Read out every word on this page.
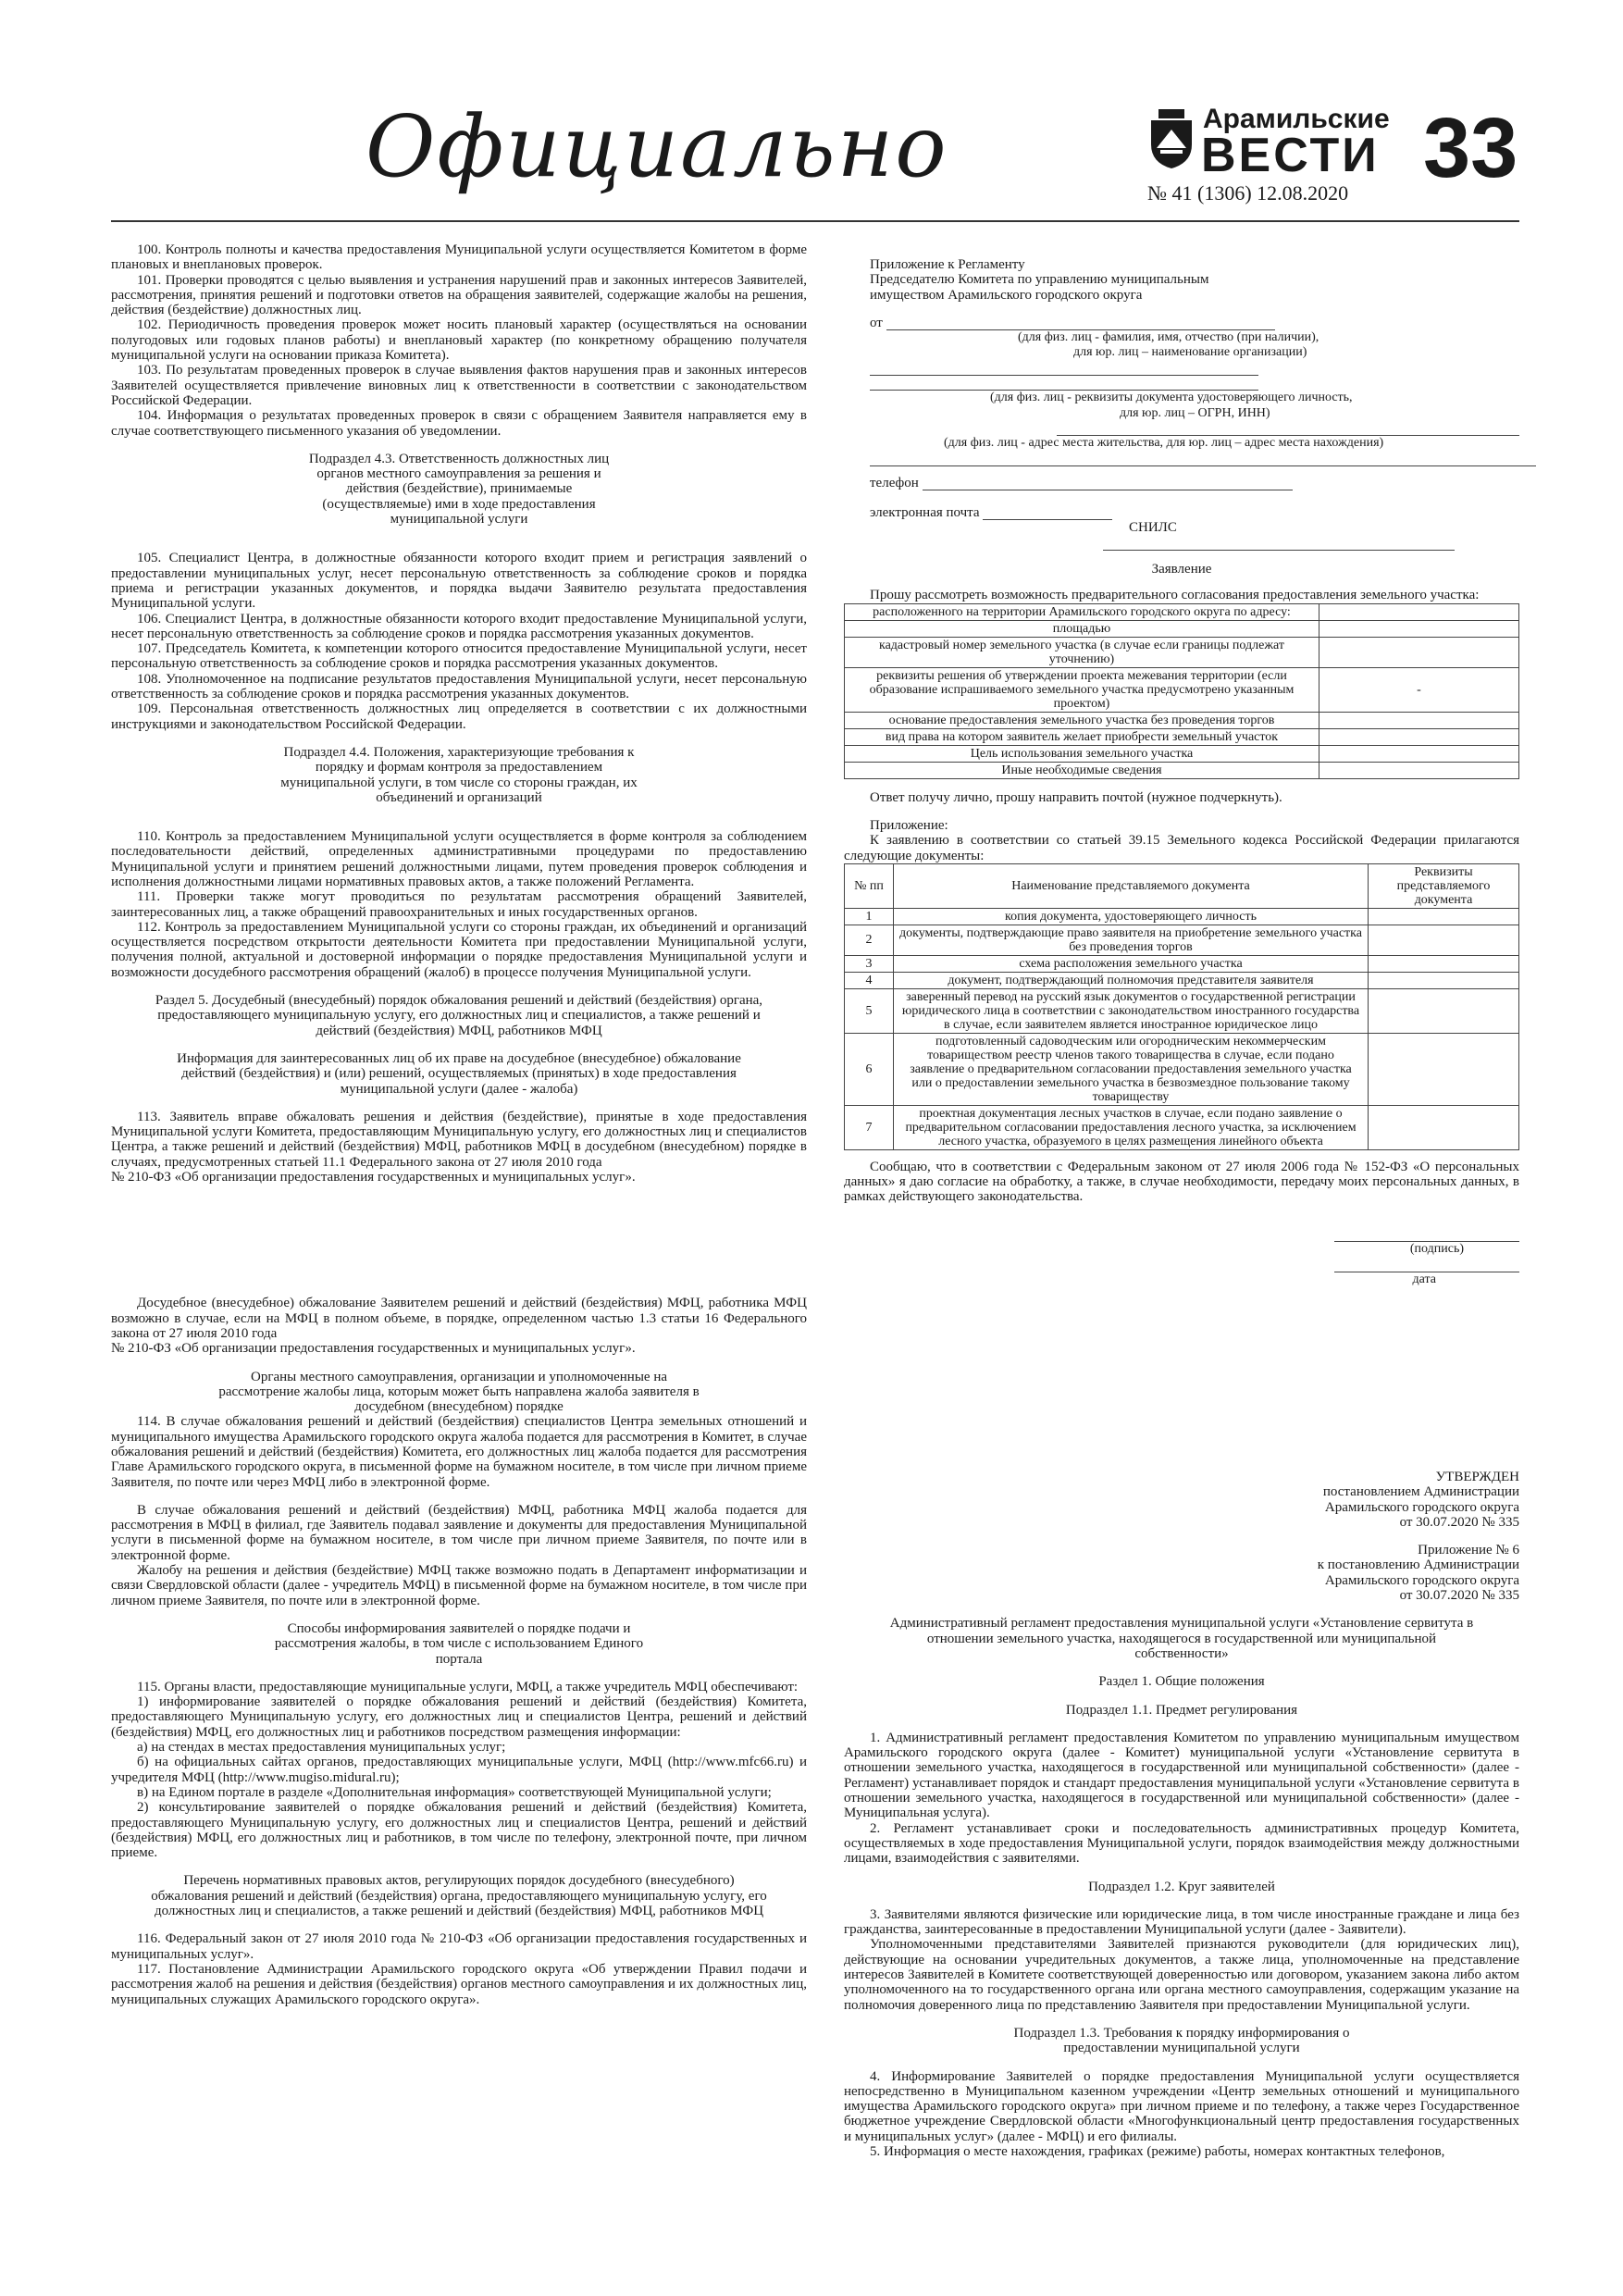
Официально	Арамильские
ВЕСТИ
№ 41 (1306) 12.08.2020 33

100. Контроль полноты и качества предоставления Муниципальной услуги осуществляется Комитетом в форме плановых и внеплановых проверок.

101. Проверки проводятся с целью выявления и устранения нарушений прав и законных интересов Заявителей, рассмотрения, принятия решений и подготовки ответов на обращения заявителей, содержащие жалобы на решения, действия (бездействие) должностных лиц.

102. Периодичность проведения проверок может носить плановый характер (осуществляться на основании полугодовых или годовых планов работы) и внеплановый характер (по конкретному обращению получателя муниципальной услуги на основании приказа Комитета).

103. По результатам проведенных проверок в случае выявления фактов нарушения прав и законных интересов Заявителей осуществляется привлечение виновных лиц к ответственности в соответствии с законодательством Российской Федерации.

104. Информация о результатах проведенных проверок в связи с обращением Заявителя направляется ему в случае соответствующего письменного указания об уведомлении.

Подраздел 4.3. Ответственность должностных лиц органов местного самоуправления за решения и действия (бездействие), принимаемые (осуществляемые) ими в ходе предоставления муниципальной услуги

105. Специалист Центра, в должностные обязанности которого входит прием и регистрация заявлений о предоставлении муниципальных услуг, несет персональную ответственность за соблюдение сроков и порядка приема и регистрации указанных документов, и порядка выдачи Заявителю результата предоставления Муниципальной услуги.

106. Специалист Центра, в должностные обязанности которого входит предоставление Муниципальной услуги, несет персональную ответственность за соблюдение сроков и порядка рассмотрения указанных документов.

107. Председатель Комитета, к компетенции которого относится предоставление Муниципальной услуги, несет персональную ответственность за соблюдение сроков и порядка рассмотрения указанных документов.

108. Уполномоченное на подписание результатов предоставления Муниципальной услуги, несет персональную ответственность за соблюдение сроков и порядка рассмотрения указанных документов.

109. Персональная ответственность должностных лиц определяется в соответствии с их должностными инструкциями и законодательством Российской Федерации.

Подраздел 4.4. Положения, характеризующие требования к порядку и формам контроля за предоставлением муниципальной услуги, в том числе со стороны граждан, их объединений и организаций

110. Контроль за предоставлением Муниципальной услуги осуществляется в форме контроля за соблюдением последовательности действий, определенных административными процедурами по предоставлению Муниципальной услуги и принятием решений должностными лицами, путем проведения проверок соблюдения и исполнения должностными лицами нормативных правовых актов, а также положений Регламента.

111. Проверки также могут проводиться по результатам рассмотрения обращений Заявителей, заинтересованных лиц, а также обращений правоохранительных и иных государственных органов.

112. Контроль за предоставлением Муниципальной услуги со стороны граждан, их объединений и организаций осуществляется посредством открытости деятельности Комитета при предоставлении Муниципальной услуги, получения полной, актуальной и достоверной информации о порядке предоставления Муниципальной услуги и возможности досудебного рассмотрения обращений (жалоб) в процессе получения Муниципальной услуги.

Раздел 5. Досудебный (внесудебный) порядок обжалования решений и действий (бездействия) органа, предоставляющего муниципальную услугу, его должностных лиц и специалистов, а также решений и действий (бездействия) МФЦ, работников МФЦ

Информация для заинтересованных лиц об их праве на досудебное (внесудебное) обжалование действий (бездействия) и (или) решений, осуществляемых (принятых) в ходе предоставления муниципальной услуги (далее - жалоба)

113. Заявитель вправе обжаловать решения и действия (бездействие), принятые в ходе предоставления Муниципальной услуги Комитета, предоставляющим Муниципальную услугу, его должностных лиц и специалистов Центра, а также решений и действий (бездействия) МФЦ, работников МФЦ в досудебном (внесудебном) порядке в случаях, предусмотренных статьей 11.1 Федерального закона от 27 июля 2010 года

№ 210-ФЗ «Об организации предоставления государственных и муниципальных услуг».

Досудебное (внесудебное) обжалование Заявителем решений и действий (бездействия) МФЦ, работника МФЦ возможно в случае, если на МФЦ в полном объеме, в порядке, определенном частью 1.3 статьи 16 Федерального закона от 27 июля 2010 года

№ 210-ФЗ «Об организации предоставления государственных и муниципальных услуг».

Органы местного самоуправления, организации и уполномоченные на рассмотрение жалобы лица, которым может быть направлена жалоба заявителя в досудебном (внесудебном) порядке

114. В случае обжалования решений и действий (бездействия) специалистов Центра земельных отношений и муниципального имущества Арамильского городского округа жалоба подается для рассмотрения в Комитет, в случае обжалования решений и действий (бездействия) Комитета, его должностных лиц жалоба подается для рассмотрения Главе Арамильского городского округа, в письменной форме на бумажном носителе, в том числе при личном приеме Заявителя, по почте или через МФЦ либо в электронной форме.

В случае обжалования решений и действий (бездействия) МФЦ, работника МФЦ жалоба подается для рассмотрения в МФЦ в филиал, где Заявитель подавал заявление и документы для предоставления Муниципальной услуги в письменной форме на бумажном носителе, в том числе при личном приеме Заявителя, по почте или в электронной форме.

Жалобу на решения и действия (бездействие) МФЦ также возможно подать в Департамент информатизации и связи Свердловской области (далее - учредитель МФЦ) в письменной форме на бумажном носителе, в том числе при личном приеме Заявителя, по почте или в электронной форме.

Способы информирования заявителей о порядке подачи и рассмотрения жалобы, в том числе с использованием Единого портала

115. Органы власти, предоставляющие муниципальные услуги, МФЦ, а также учредитель МФЦ обеспечивают:

1) информирование заявителей о порядке обжалования решений и действий (бездействия) Комитета, предоставляющего Муниципальную услугу, его должностных лиц и специалистов Центра, решений и действий (бездействия) МФЦ, его должностных лиц и работников посредством размещения информации:

а) на стендах в местах предоставления муниципальных услуг;

б) на официальных сайтах органов, предоставляющих муниципальные услуги, МФЦ (http://www.mfc66.ru) и учредителя МФЦ (http://www.mugiso.midural.ru);

в) на Едином портале в разделе «Дополнительная информация» соответствующей Муниципальной услуги;

2) консультирование заявителей о порядке обжалования решений и действий (бездействия) Комитета, предоставляющего Муниципальную услугу, его должностных лиц и специалистов Центра, решений и действий (бездействия) МФЦ, его должностных лиц и работников, в том числе по телефону, электронной почте, при личном приеме.

Перечень нормативных правовых актов, регулирующих порядок досудебного (внесудебного) обжалования решений и действий (бездействия) органа, предоставляющего муниципальную услугу, его должностных лиц и специалистов, а также решений и действий (бездействия) МФЦ, работников МФЦ

116. Федеральный закон от 27 июля 2010 года № 210-ФЗ «Об организации предоставления государственных и муниципальных услуг».

117. Постановление Администрации Арамильского городского округа «Об утверждении Правил подачи и рассмотрения жалоб на решения и действия (бездействия) органов местного самоуправления и их должностных лиц, муниципальных служащих Арамильского городского округа».

Приложение к Регламенту

Председателю Комитета по управлению муниципальным

имуществом Арамильского городского округа

от

(для физ. лиц - фамилия, имя, отчество (при наличии),

для юр. лиц – наименование организации)

(для физ. лиц - реквизиты документа удостоверяющего личность,

для юр. лиц – ОГРН, ИНН)

(для физ. лиц - адрес места жительства, для юр. лиц – адрес места нахождения)

телефон

электронная почта

СНИЛС

Заявление

Прошу рассмотреть возможность предварительного согласования предоставления земельного участка:

расположенного на территории Арамильского городского округа по адресу:	
площадью	
кадастровый номер земельного участка (в случае если границы подлежат уточнению)	
реквизиты решения об утверждении проекта межевания территории (если образование испрашиваемого земельного участка предусмотрено указанным проектом)	-
основание предоставления земельного участка без проведения торгов	
вид права на котором заявитель желает приобрести земельный участок	
Цель использования земельного участка	
Иные необходимые сведения	

Ответ получу лично, прошу направить почтой (нужное подчеркнуть).

Приложение:

К заявлению в соответствии со статьей 39.15 Земельного кодекса Российской Федерации прилагаются следующие документы:

№ пп	Наименование представляемого документа	Реквизиты представляемого документа
1	копия документа, удостоверяющего личность	
2	документы, подтверждающие право заявителя на приобретение земельного участка без проведения торгов	
3	схема расположения земельного участка	
4	документ, подтверждающий полномочия представителя заявителя	
5	заверенный перевод на русский язык документов о государственной регистрации юридического лица в соответствии с законодательством иностранного государства в случае, если заявителем является иностранное юридическое лицо	
6	подготовленный садоводческим или огородническим некоммерческим товариществом реестр членов такого товарищества в случае, если подано заявление о предварительном согласовании предоставления земельного участка или о предоставлении земельного участка в безвозмездное пользование такому товариществу	
7	проектная документация лесных участков в случае, если подано заявление о предварительном согласовании предоставления лесного участка, за исключением лесного участка, образуемого в целях размещения линейного объекта	

Сообщаю, что в соответствии с Федеральным законом от 27 июля 2006 года № 152-ФЗ «О персональных данных» я даю согласие на обработку, а также, в случае необходимости, передачу моих персональных данных, в рамках действующего законодательства.

(подпись)

дата

УТВЕРЖДЕН

постановлением Администрации

Арамильского городского округа

от 30.07.2020 № 335

Приложение № 6

к постановлению Администрации

Арамильского городского округа

от 30.07.2020 № 335

Административный регламент предоставления муниципальной услуги «Установление сервитута в отношении земельного участка, находящегося в государственной или муниципальной собственности»

Раздел 1. Общие положения

Подраздел 1.1. Предмет регулирования

1. Административный регламент предоставления Комитетом по управлению муниципальным имуществом Арамильского городского округа (далее - Комитет) муниципальной услуги «Установление сервитута в отношении земельного участка, находящегося в государственной или муниципальной собственности» (далее - Регламент) устанавливает порядок и стандарт предоставления муниципальной услуги «Установление сервитута в отношении земельного участка, находящегося в государственной или муниципальной собственности» (далее - Муниципальная услуга).

2. Регламент устанавливает сроки и последовательность административных процедур Комитета, осуществляемых в ходе предоставления Муниципальной услуги, порядок взаимодействия между должностными лицами, взаимодействия с заявителями.

Подраздел 1.2. Круг заявителей

3. Заявителями являются физические или юридические лица, в том числе иностранные граждане и лица без гражданства, заинтересованные в предоставлении Муниципальной услуги (далее - Заявители).

Уполномоченными представителями Заявителей признаются руководители (для юридических лиц), действующие на основании учредительных документов, а также лица, уполномоченные на представление интересов Заявителей в Комитете соответствующей доверенностью или договором, указанием закона либо актом уполномоченного на то государственного органа или органа местного самоуправления, содержащим указание на полномочия доверенного лица по представлению Заявителя при предоставлении Муниципальной услуги.

Подраздел 1.3. Требования к порядку информирования о предоставлении муниципальной услуги

4. Информирование Заявителей о порядке предоставления Муниципальной услуги осуществляется непосредственно в Муниципальном казенном учреждении «Центр земельных отношений и муниципального имущества Арамильского городского округа» при личном приеме и по телефону, а также через Государственное бюджетное учреждение Свердловской области «Многофункциональный центр предоставления государственных и муниципальных услуг» (далее - МФЦ) и его филиалы.

5. Информация о месте нахождения, графиках (режиме) работы, номерах контактных телефонов,
